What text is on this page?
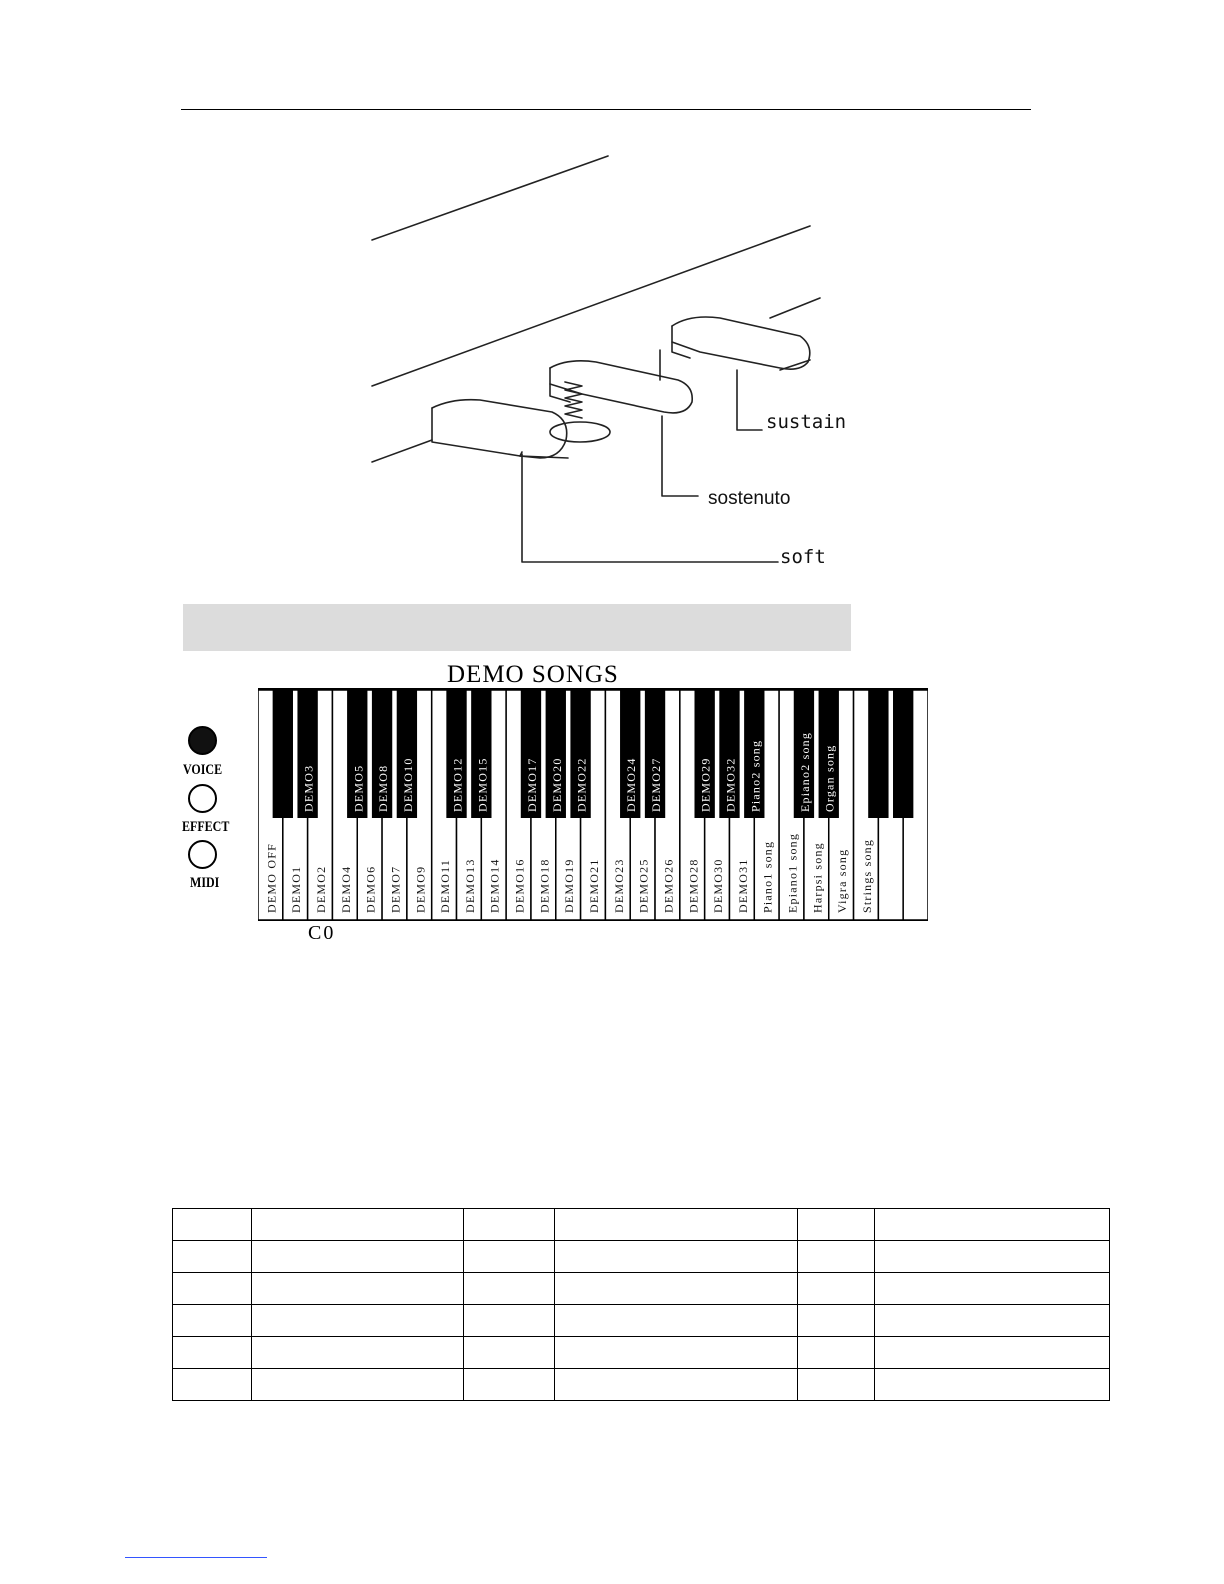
sustain
sostenuto
soft
DEMO SONGS
VOICE
EFFECT
MIDI	DEMO OFF DEMO1 DEMO2 DEMO4 DEMO6 DEMO7 DEMO9 DEMO11 DEMO13 DEMO14 DEMO16 DEMO18 DEMO19 DEMO21 DEMO23 DEMO25 DEMO26 DEMO28 DEMO30 DEMO31 Piano1 song Epiano1 song Harpsi song Vigra song Strings song
DEMO3	DEMO5 DEMO8 DEMO10	DEMO12 DEMO15	DEMO17 DEMO20 DEMO22	DEMO24 DEMO27	DEMO29 DEMO32 Piano2 song	Epiano2 song Organ song
C0
